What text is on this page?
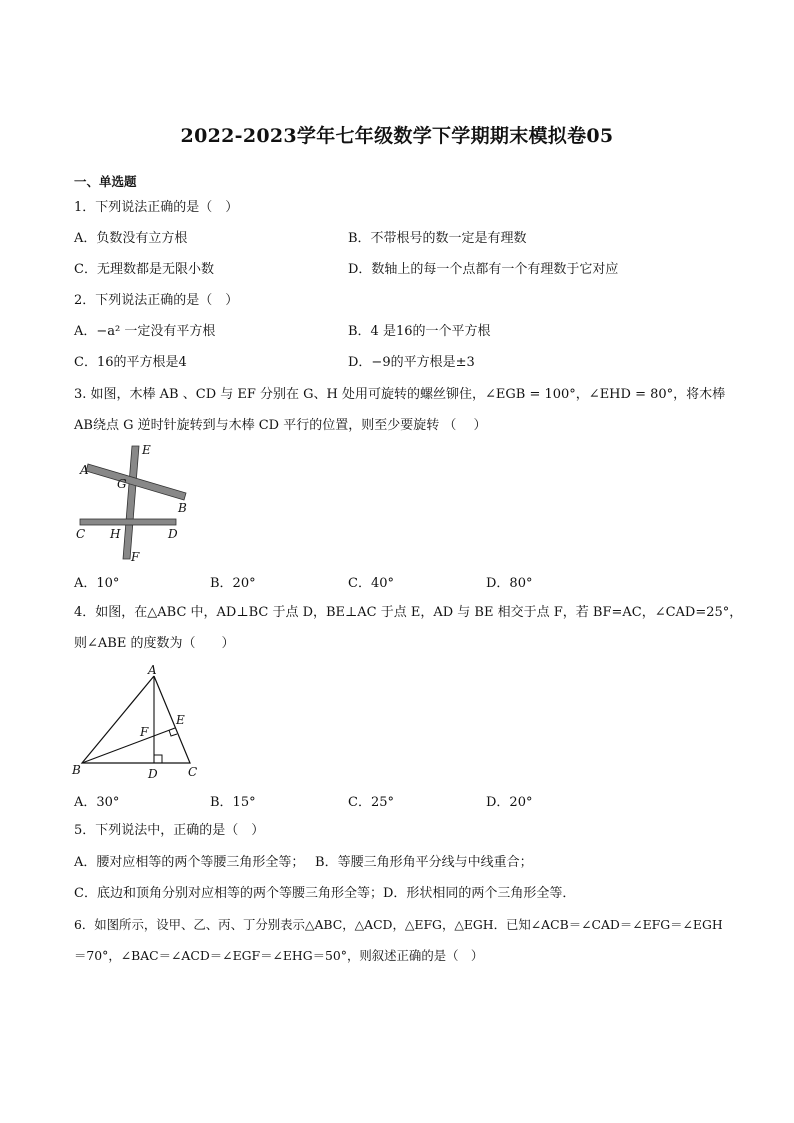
2022-2023学年七年级数学下学期期末模拟卷05
一、单选题
1．下列说法正确的是（　）
A．负数没有立方根	B．不带根号的数一定是有理数
C．无理数都是无限小数	D．数轴上的每一个点都有一个有理数于它对应
2．下列说法正确的是（　）
A．−a² 一定没有平方根	B．4 是16的一个平方根
C．16的平方根是4	D．−9的平方根是±3
3. 如图，木棒 AB 、CD 与 EF 分别在 G、H 处用可旋转的螺丝铆住，∠EGB = 100°，∠EHD = 80°，将木棒
AB绕点 G 逆时针旋转到与木棒 CD 平行的位置，则至少要旋转 （　 ）
E
A
G
B
C H	D
F
A．10°	B．20°	C．40°	D．80°
4．如图，在△ABC 中，AD⊥BC 于点 D，BE⊥AC 于点 E，AD 与 BE 相交于点 F，若 BF=AC，∠CAD=25°，
则∠ABE 的度数为（　　）
A
E
F
B	D	C
A．30°	B．15°	C．25°	D．20°
5．下列说法中，正确的是（　）
A．腰对应相等的两个等腰三角形全等；　 B．等腰三角形角平分线与中线重合；
C．底边和顶角分别对应相等的两个等腰三角形全等；D．形状相同的两个三角形全等．
6．如图所示，设甲、乙、丙、丁分别表示△ABC，△ACD，△EFG，△EGH．已知∠ACB＝∠CAD＝∠EFG＝∠EGH
＝70°，∠BAC＝∠ACD＝∠EGF＝∠EHG＝50°，则叙述正确的是（　）
